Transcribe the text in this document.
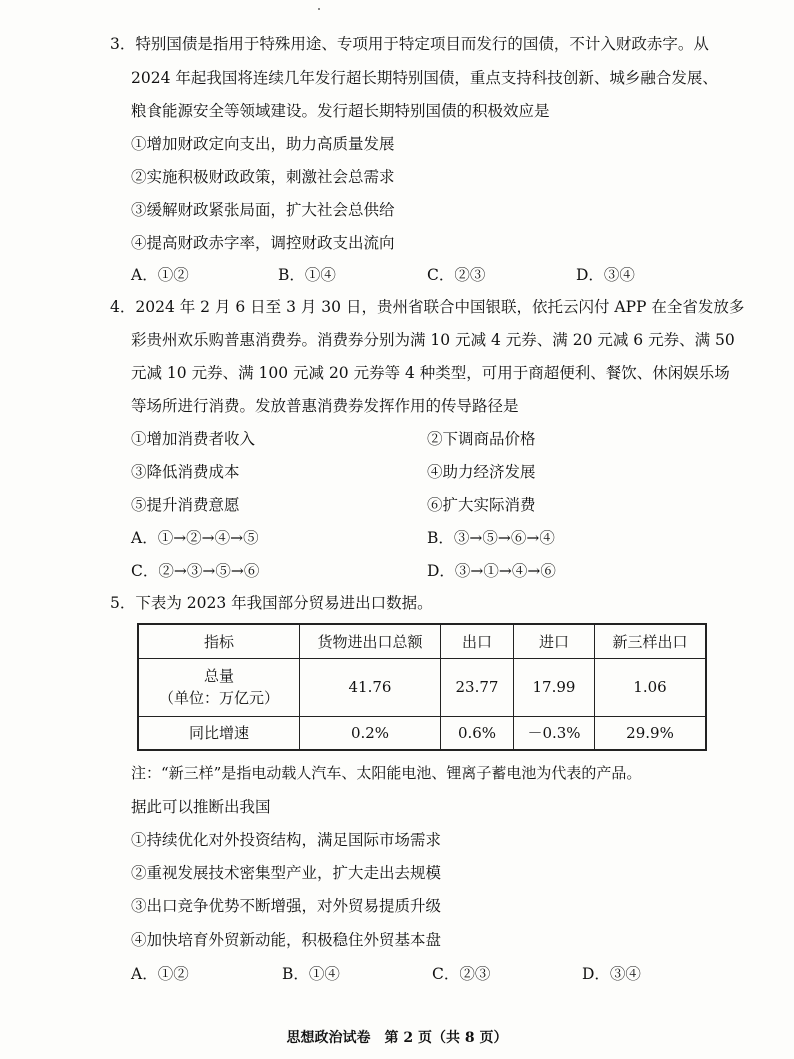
3．特别国债是指用于特殊用途、专项用于特定项目而发行的国债，不计入财政赤字。从
2024 年起我国将连续几年发行超长期特别国债，重点支持科技创新、城乡融合发展、
粮食能源安全等领域建设。发行超长期特别国债的积极效应是
①增加财政定向支出，助力高质量发展
②实施积极财政政策，刺激社会总需求
③缓解财政紧张局面，扩大社会总供给
④提高财政赤字率，调控财政支出流向
A．①②	B．①④	C．②③	D．③④
4．2024 年 2 月 6 日至 3 月 30 日，贵州省联合中国银联，依托云闪付 APP 在全省发放多
彩贵州欢乐购普惠消费券。消费券分别为满 10 元减 4 元券、满 20 元减 6 元券、满 50
元减 10 元券、满 100 元减 20 元券等 4 种类型，可用于商超便利、餐饮、休闲娱乐场
等场所进行消费。发放普惠消费券发挥作用的传导路径是
①增加消费者收入	②下调商品价格
③降低消费成本	④助力经济发展
⑤提升消费意愿	⑥扩大实际消费
A．①→②→④→⑤	B．③→⑤→⑥→④
C．②→③→⑤→⑥	D．③→①→④→⑥
5．下表为 2023 年我国部分贸易进出口数据。
指标	货物进出口总额	出口	进口	新三样出口

总量
（单位：万亿元）	41.76	23.77	17.99	1.06
同比增速	0.2%	0.6%	－0.3%	29.9%
注：“新三样”是指电动载人汽车、太阳能电池、锂离子蓄电池为代表的产品。
据此可以推断出我国
①持续优化对外投资结构，满足国际市场需求
②重视发展技术密集型产业，扩大走出去规模
③出口竞争优势不断增强，对外贸易提质升级
④加快培育外贸新动能，积极稳住外贸基本盘
A．①②	B．①④	C．②③	D．③④
思想政治试卷　第 2 页（共 8 页）
